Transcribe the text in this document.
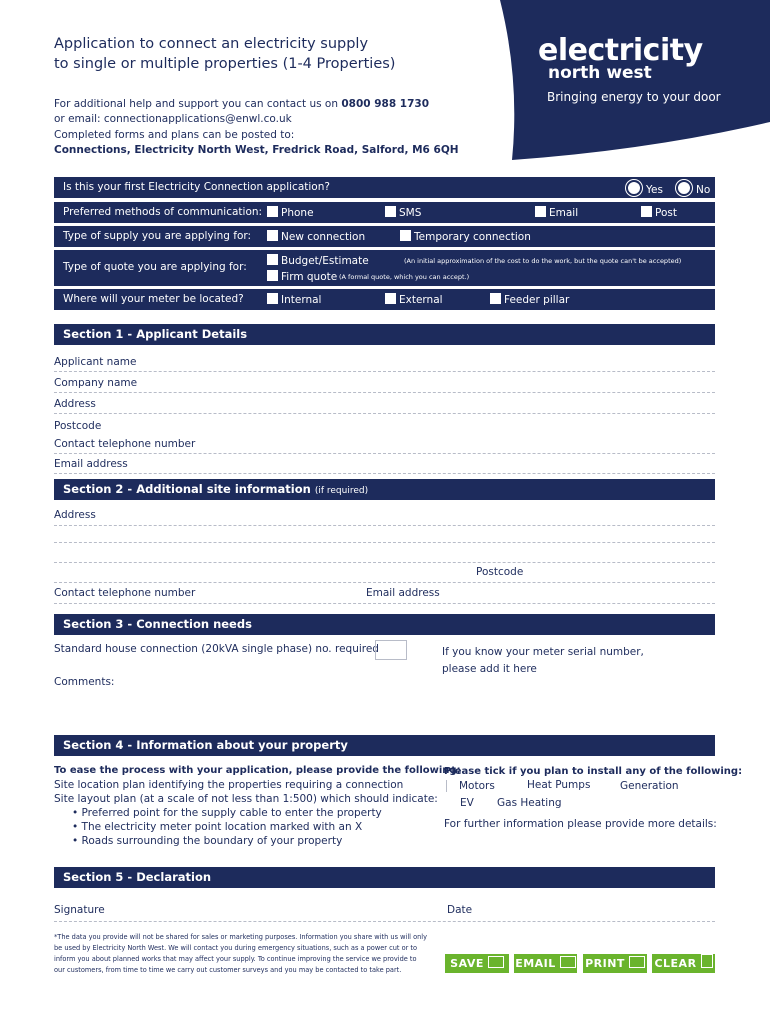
electricity
north west
Bringing energy to your door
Application to connect an electricity supply
to single or multiple properties (1-4 Properties)
For additional help and support you can contact us on 0800 988 1730
or email: connectionapplications@enwl.co.uk
Completed forms and plans can be posted to:
Connections, Electricity North West, Fredrick Road, Salford, M6 6QH
Is this your first Electricity Connection application?	Yes	No
Preferred methods of communication:	Phone	SMS	Email	Post
Type of supply you are applying for:	New connection	Temporary connection
Type of quote you are applying for:	Budget/Estimate	(An initial approximation of the cost to do the work, but the quote can't be accepted)
Firm quote (A formal quote, which you can accept.)
Where will your meter be located?	Internal	External	Feeder pillar
Section 1 - Applicant Details
Applicant name
Company name
Address
Postcode
Contact telephone number
Email address
Section 2 - Additional site information (if required)
Address
Postcode
Contact telephone number	Email address
Section 3 - Connection needs
Standard house connection (20kVA single phase) no. required	If you know your meter serial number,
please add it here
Comments:
Section 4 - Information about your property
To ease the process with your application, please provide the following:
Site location plan identifying the properties requiring a connection
Site layout plan (at a scale of not less than 1:500) which should indicate:
• Preferred point for the supply cable to enter the property
• The electricity meter point location marked with an X
• Roads surrounding the boundary of your property
Please tick if you plan to install any of the following:
Motors	Heat Pumps	Generation
EV Gas Heating
For further information please provide more details:
Section 5 - Declaration
Signature	Date
*The data you provide will not be shared for sales or marketing purposes. Information you share with us will only
be used by Electricity North West. We will contact you during emergency situations, such as a power cut or to
inform you about planned works that may affect your supply. To continue improving the service we provide to
our customers, from time to time we carry out customer surveys and you may be contacted to take part.	SAVE	EMAIL	PRINT	CLEAR
